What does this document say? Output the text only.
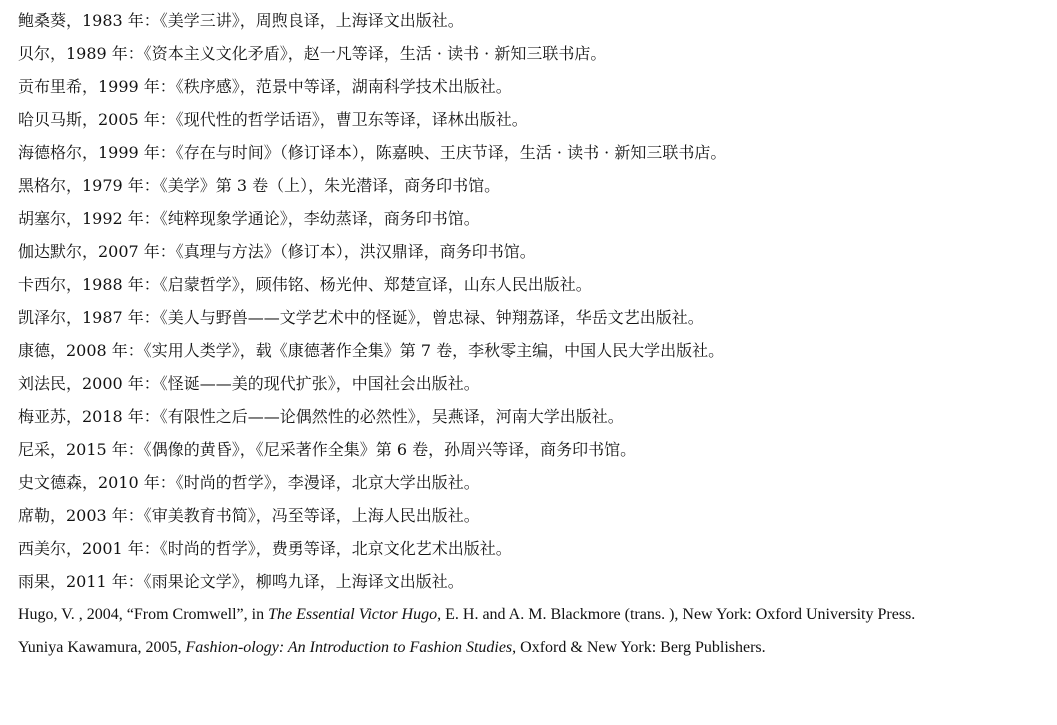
鲍桑葵，1983 年：《美学三讲》，周煦良译，上海译文出版社。
贝尔，1989 年：《资本主义文化矛盾》，赵一凡等译，生活 · 读书 · 新知三联书店。
贡布里希，1999 年：《秩序感》，范景中等译，湖南科学技术出版社。
哈贝马斯，2005 年：《现代性的哲学话语》，曹卫东等译，译林出版社。
海德格尔，1999 年：《存在与时间》（修订译本），陈嘉映、王庆节译，生活 · 读书 · 新知三联书店。
黑格尔，1979 年：《美学》第 3 卷（上），朱光潜译，商务印书馆。
胡塞尔，1992 年：《纯粹现象学通论》，李幼蒸译，商务印书馆。
伽达默尔，2007 年：《真理与方法》（修订本），洪汉鼎译，商务印书馆。
卡西尔，1988 年：《启蒙哲学》，顾伟铭、杨光仲、郑楚宣译，山东人民出版社。
凯泽尔，1987 年：《美人与野兽——文学艺术中的怪诞》，曾忠禄、钟翔荔译，华岳文艺出版社。
康德，2008 年：《实用人类学》，载《康德著作全集》第 7 卷，李秋零主编，中国人民大学出版社。
刘法民，2000 年：《怪诞——美的现代扩张》，中国社会出版社。
梅亚苏，2018 年：《有限性之后——论偶然性的必然性》，吴燕译，河南大学出版社。
尼采，2015 年：《偶像的黄昏》，《尼采著作全集》第 6 卷，孙周兴等译，商务印书馆。
史文德森，2010 年：《时尚的哲学》，李漫译，北京大学出版社。
席勒，2003 年：《审美教育书简》，冯至等译，上海人民出版社。
西美尔，2001 年：《时尚的哲学》，费勇等译，北京文化艺术出版社。
雨果，2011 年：《雨果论文学》，柳鸣九译，上海译文出版社。
Hugo, V. , 2004, “From Cromwell”, in The Essential Victor Hugo, E. H. and A. M. Blackmore (trans. ), New York: Oxford University Press.
Yuniya Kawamura, 2005, Fashion-ology: An Introduction to Fashion Studies, Oxford & New York: Berg Publishers.
